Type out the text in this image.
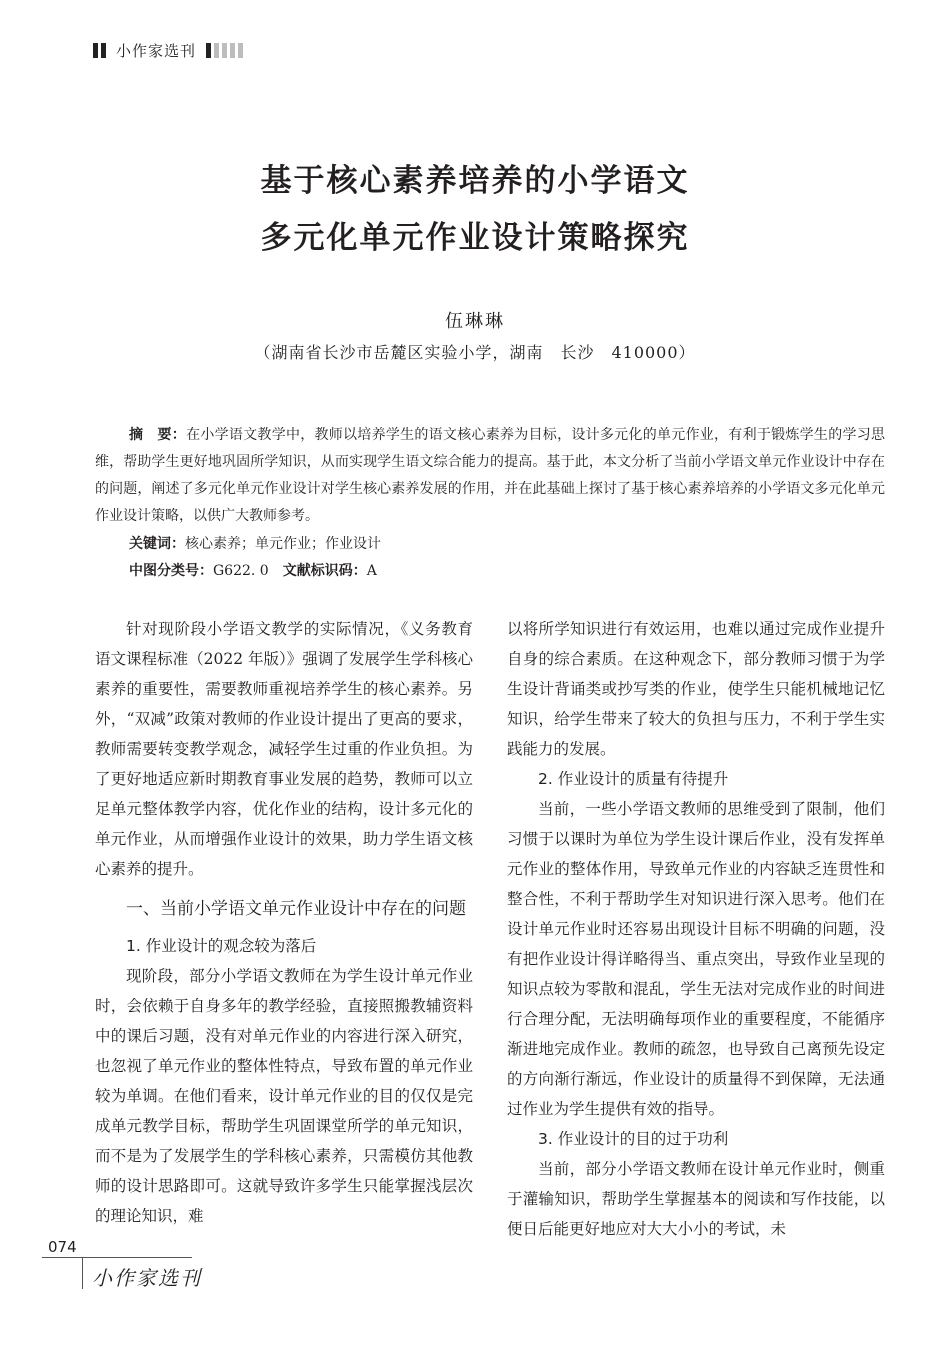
小作家选刊
基于核心素养培养的小学语文
多元化单元作业设计策略探究
伍琳琳
（湖南省长沙市岳麓区实验小学，湖南　长沙　410000）
摘　要：在小学语文教学中，教师以培养学生的语文核心素养为目标，设计多元化的单元作业，有利于锻炼学生的学习思维，帮助学生更好地巩固所学知识，从而实现学生语文综合能力的提高。基于此，本文分析了当前小学语文单元作业设计中存在的问题，阐述了多元化单元作业设计对学生核心素养发展的作用，并在此基础上探讨了基于核心素养培养的小学语文多元化单元作业设计策略，以供广大教师参考。
关键词：核心素养；单元作业；作业设计
中图分类号：G622. 0 文献标识码：A

针对现阶段小学语文教学的实际情况，《义务教育语文课程标准（2022 年版）》强调了发展学生学科核心素养的重要性，需要教师重视培养学生的核心素养。另外，“双减”政策对教师的作业设计提出了更高的要求，教师需要转变教学观念，减轻学生过重的作业负担。为了更好地适应新时期教育事业发展的趋势，教师可以立足单元整体教学内容，优化作业的结构，设计多元化的单元作业，从而增强作业设计的效果，助力学生语文核心素养的提升。

一、当前小学语文单元作业设计中存在的问题
1. 作业设计的观念较为落后

现阶段，部分小学语文教师在为学生设计单元作业时，会依赖于自身多年的教学经验，直接照搬教辅资料中的课后习题，没有对单元作业的内容进行深入研究，也忽视了单元作业的整体性特点，导致布置的单元作业较为单调。在他们看来，设计单元作业的目的仅仅是完成单元教学目标，帮助学生巩固课堂所学的单元知识，而不是为了发展学生的学科核心素养，只需模仿其他教师的设计思路即可。这就导致许多学生只能掌握浅层次的理论知识，难

以将所学知识进行有效运用，也难以通过完成作业提升自身的综合素质。在这种观念下，部分教师习惯于为学生设计背诵类或抄写类的作业，使学生只能机械地记忆知识，给学生带来了较大的负担与压力，不利于学生实践能力的发展。

2. 作业设计的质量有待提升

当前，一些小学语文教师的思维受到了限制，他们习惯于以课时为单位为学生设计课后作业，没有发挥单元作业的整体作用，导致单元作业的内容缺乏连贯性和整合性，不利于帮助学生对知识进行深入思考。他们在设计单元作业时还容易出现设计目标不明确的问题，没有把作业设计得详略得当、重点突出，导致作业呈现的知识点较为零散和混乱，学生无法对完成作业的时间进行合理分配，无法明确每项作业的重要程度，不能循序渐进地完成作业。教师的疏忽，也导致自己离预先设定的方向渐行渐远，作业设计的质量得不到保障，无法通过作业为学生提供有效的指导。

3. 作业设计的目的过于功利

当前，部分小学语文教师在设计单元作业时，侧重于灌输知识，帮助学生掌握基本的阅读和写作技能，以便日后能更好地应对大大小小的考试，未

074
小作家选刊
